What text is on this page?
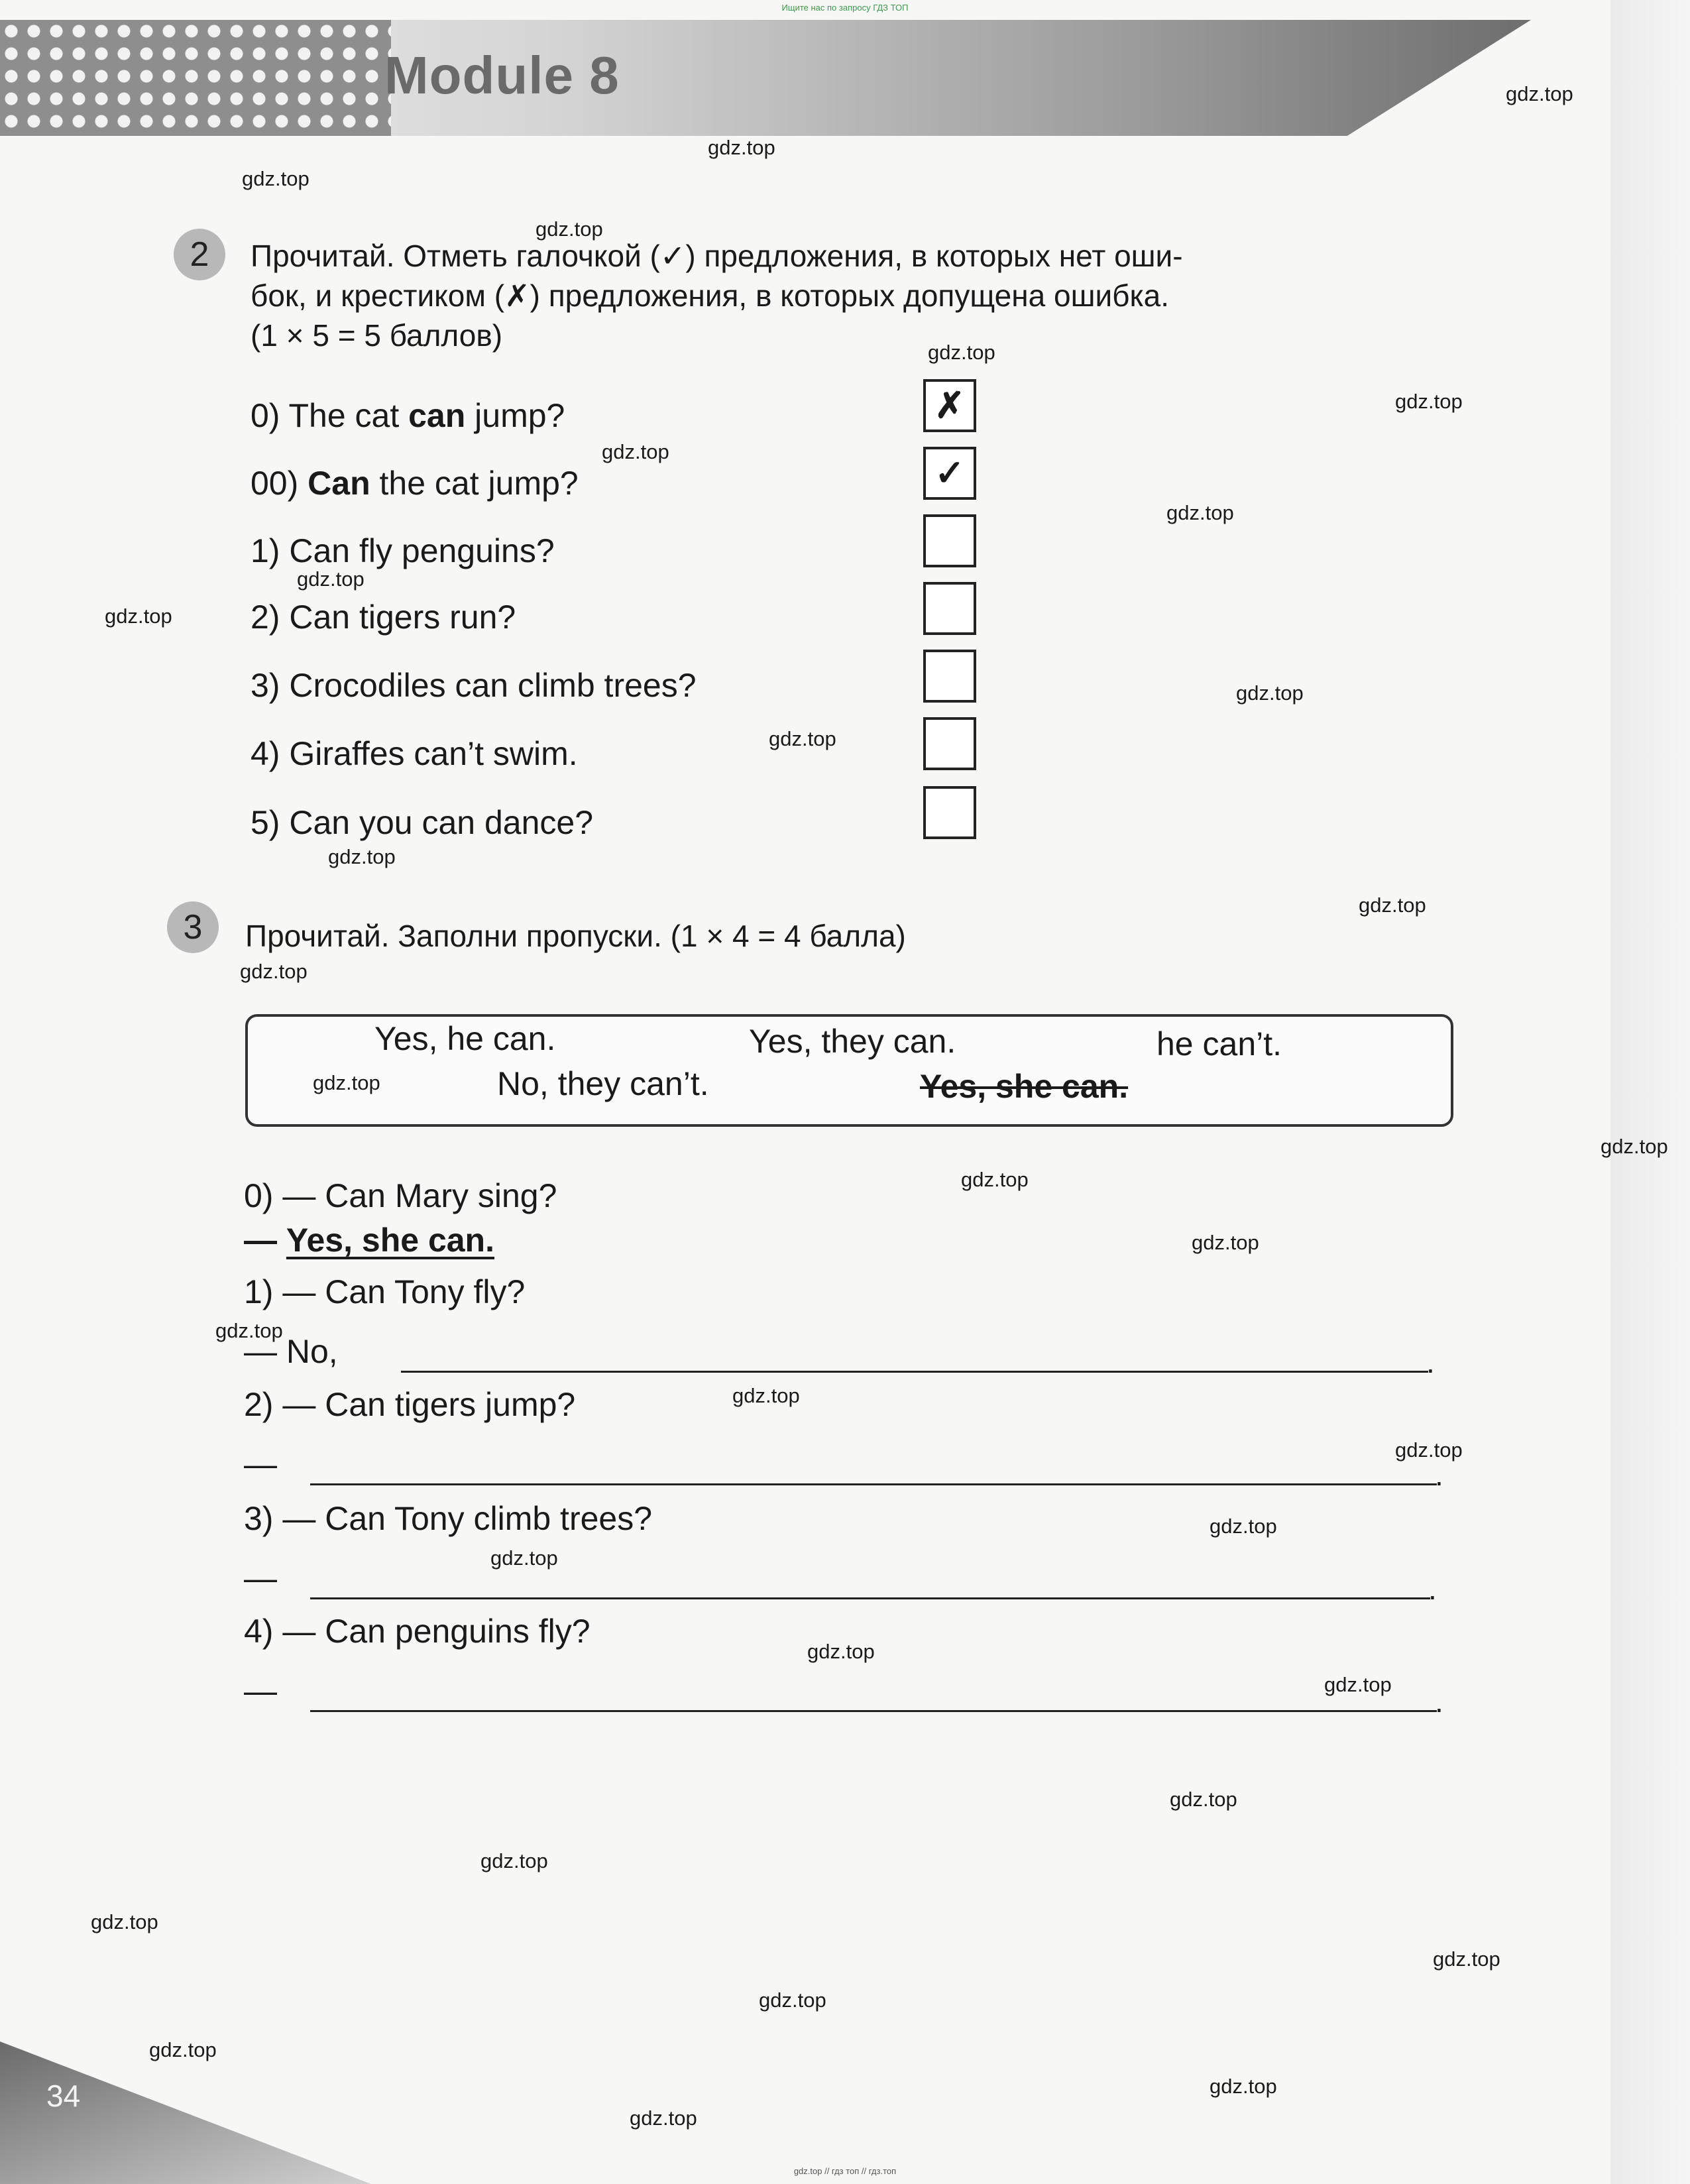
Ищите нас по запросу ГДЗ ТОП
Module 8
2	Прочитай. Отметь галочкой (✓) предложения, в которых нет оши-
бок, и крестиком (✗) предложения, в которых допущена ошибка.
(1 × 5 = 5 баллов)
0) The cat can jump?	✗
00) Can the cat jump?	✓
1) Can fly penguins?
2) Can tigers run?
3) Crocodiles can climb trees?
4) Giraffes can’t swim.
5) Can you can dance?
3	Прочитай. Заполни пропуски. (1 × 4 = 4 балла)
Yes, he can.	Yes, they can.	he can’t.
No, they can’t.	Yes, she can.
0) — Can Mary sing?
— Yes, she can.
1) — Can Tony fly?
— No,	.
2) — Can tigers jump?
—	.
3) — Can Tony climb trees?
—	.
4) — Can penguins fly?
—	.
34
gdz.top
gdz.top
gdz.top
gdz.top
gdz.top
gdz.top
gdz.top
gdz.top
gdz.top
gdz.top
gdz.top
gdz.top
gdz.top
gdz.top
gdz.top
gdz.top
gdz.top
gdz.top
gdz.top
gdz.top
gdz.top
gdz.top
gdz.top
gdz.top
gdz.top
gdz.top
gdz.top
gdz.top
gdz.top
gdz.top
gdz.top
gdz.top
gdz.top
gdz.top
gdz.top // гдз топ // гдз.топ
